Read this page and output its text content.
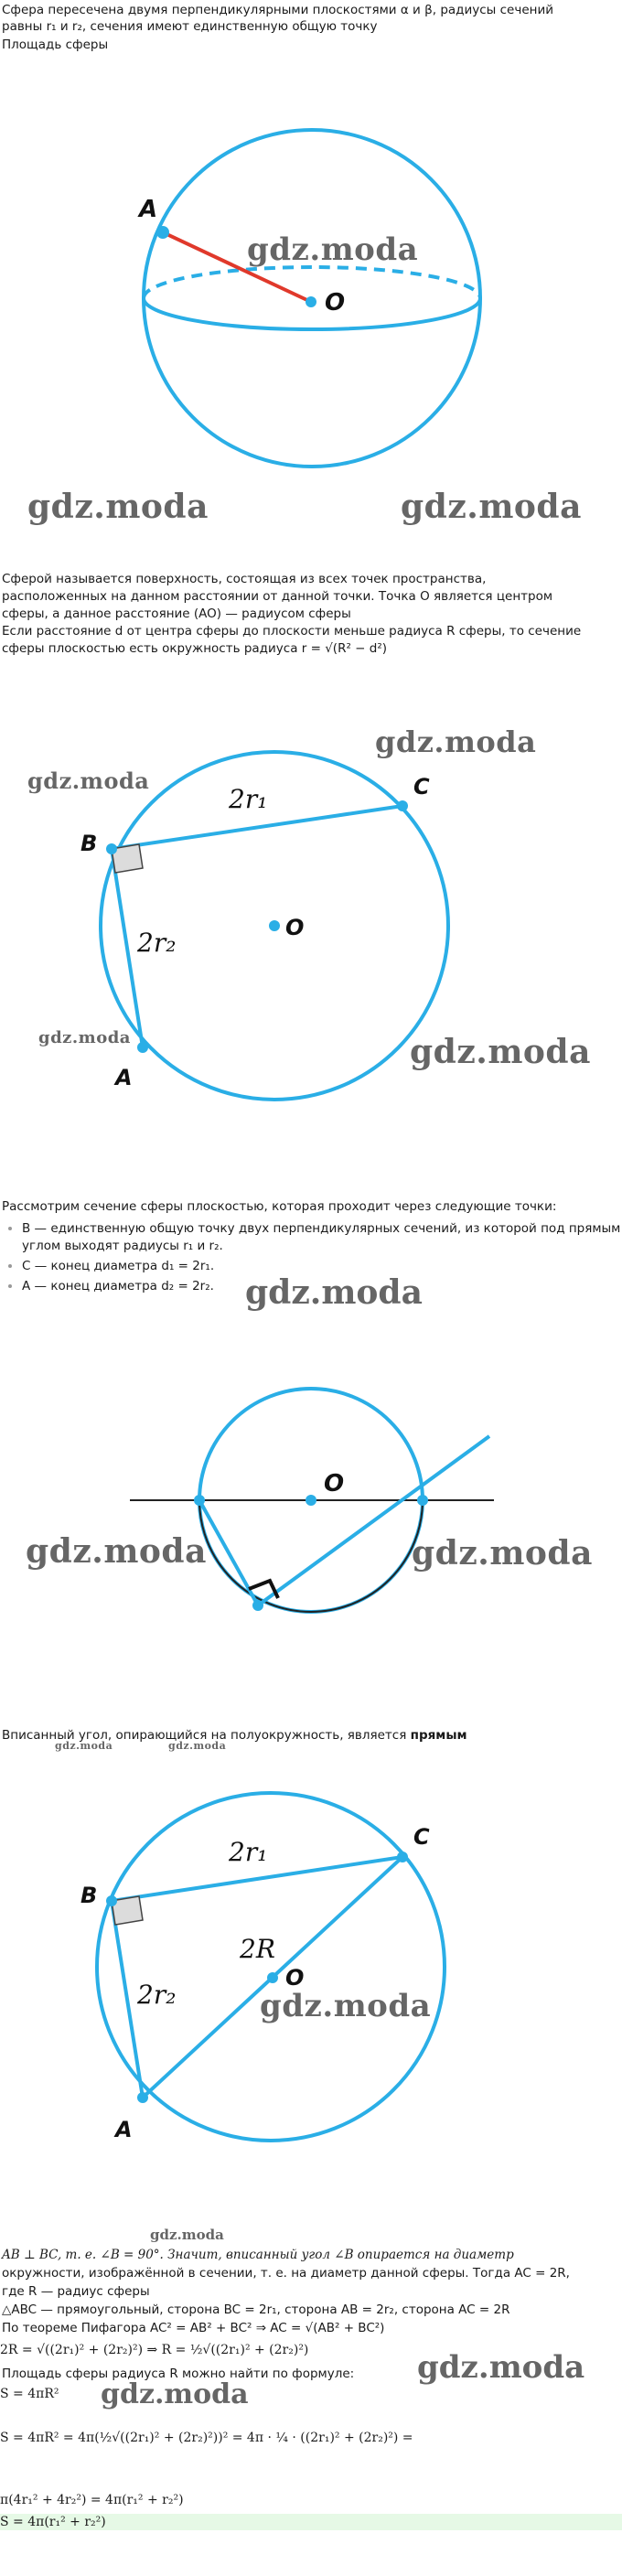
Сфера пересечена двумя перпендикулярными плоскостями α и β, радиусы сечений
равны r₁ и r₂, сечения имеют единственную общую точку
Площадь сферы
A
O
gdz.moda
gdz.moda	gdz.moda
Сферой называется поверхность, состоящая из всех точек пространства,
расположенных на данном расстоянии от данной точки. Точка O является центром
сферы, а данное расстояние (AO) — радиусом сферы
Если расстояние d от центра сферы до плоскости меньше радиуса R сферы, то сечение
сферы плоскостью есть окружность радиуса r = √(R² − d²)
B
C
A
O
2r₁
2r₂
gdz.moda
gdz.moda
gdz.moda	gdz.moda
Рассмотрим сечение сферы плоскостью, которая проходит через следующие точки:
• B — единственную общую точку двух перпендикулярных сечений, из которой под прямым углом выходят радиусы r₁ и r₂.
• C — конец диаметра d₁ = 2r₁.
• A — конец диаметра d₂ = 2r₂. gdz.moda
O
gdz.moda	gdz.moda
Вписанный угол, опирающийся на полуокружность, является прямым
B
C
A
O
2r₁
2r₂
2R
gdz.moda
gdz.moda	gdz.moda
gdz.moda
AB ⊥ BC, т. е. ∠B = 90°. Значит, вписанный угол ∠B опирается на диаметр
окружности, изображённой в сечении, т. е. на диаметр данной сферы. Тогда AC = 2R,
где R — радиус сферы
△ABC — прямоугольный, сторона BC = 2r₁, сторона AB = 2r₂, сторона AC = 2R
По теореме Пифагора AC² = AB² + BC² ⇒ AC = √(AB² + BC²)
2R = √((2r₁)² + (2r₂)²) ⇒ R = ½√((2r₁)² + (2r₂)²)	gdz.moda
Площадь сферы радиуса R можно найти по формуле:
S = 4πR² gdz.moda
S = 4πR² = 4π(½√((2r₁)² + (2r₂)²))² = 4π · ¼ · ((2r₁)² + (2r₂)²) =
π(4r₁² + 4r₂²) = 4π(r₁² + r₂²)
S = 4π(r₁² + r₂²)
